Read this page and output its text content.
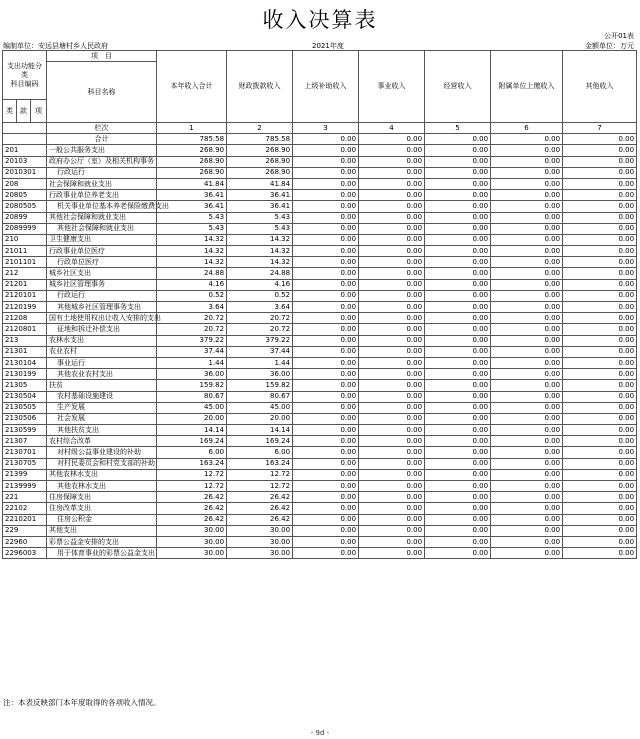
收入决算表
公开01表
编制单位：安远县塘村乡人民政府	2021年度	金额单位：万元
支出功能分类
科目编码			项　目	本年收入合计	财政拨款收入	上级补助收入	事业收入	经营收入	附属单位上缴收入	其他收入
			科目名称							
类	款	项								
			栏次	1	2	3	4	5	6	7
			合计	785.58	785.58	0.00	0.00	0.00	0.00	0.00
201			一般公共服务支出	268.90	268.90	0.00	0.00	0.00	0.00	0.00
20103			政府办公厅（室）及相关机构事务	268.90	268.90	0.00	0.00	0.00	0.00	0.00
2010301			行政运行	268.90	268.90	0.00	0.00	0.00	0.00	0.00
208			社会保障和就业支出	41.84	41.84	0.00	0.00	0.00	0.00	0.00
20805			行政事业单位养老支出	36.41	36.41	0.00	0.00	0.00	0.00	0.00
2080505			机关事业单位基本养老保险缴费支出	36.41	36.41	0.00	0.00	0.00	0.00	0.00
20899			其他社会保障和就业支出	5.43	5.43	0.00	0.00	0.00	0.00	0.00
2089999			其他社会保障和就业支出	5.43	5.43	0.00	0.00	0.00	0.00	0.00
210			卫生健康支出	14.32	14.32	0.00	0.00	0.00	0.00	0.00
21011			行政事业单位医疗	14.32	14.32	0.00	0.00	0.00	0.00	0.00
2101101			行政单位医疗	14.32	14.32	0.00	0.00	0.00	0.00	0.00
212			城乡社区支出	24.88	24.88	0.00	0.00	0.00	0.00	0.00
21201			城乡社区管理事务	4.16	4.16	0.00	0.00	0.00	0.00	0.00
2120101			行政运行	0.52	0.52	0.00	0.00	0.00	0.00	0.00
2120199			其他城乡社区管理事务支出	3.64	3.64	0.00	0.00	0.00	0.00	0.00
21208			国有土地使用权出让收入安排的支出	20.72	20.72	0.00	0.00	0.00	0.00	0.00
2120801			征地和拆迁补偿支出	20.72	20.72	0.00	0.00	0.00	0.00	0.00
213			农林水支出	379.22	379.22	0.00	0.00	0.00	0.00	0.00
21301			农业农村	37.44	37.44	0.00	0.00	0.00	0.00	0.00
2130104			事业运行	1.44	1.44	0.00	0.00	0.00	0.00	0.00
2130199			其他农业农村支出	36.00	36.00	0.00	0.00	0.00	0.00	0.00
21305			扶贫	159.82	159.82	0.00	0.00	0.00	0.00	0.00
2130504			农村基础设施建设	80.67	80.67	0.00	0.00	0.00	0.00	0.00
2130505			生产发展	45.00	45.00	0.00	0.00	0.00	0.00	0.00
2130506			社会发展	20.00	20.00	0.00	0.00	0.00	0.00	0.00
2130599			其他扶贫支出	14.14	14.14	0.00	0.00	0.00	0.00	0.00
21307			农村综合改革	169.24	169.24	0.00	0.00	0.00	0.00	0.00
2130701			对村级公益事业建设的补助	6.00	6.00	0.00	0.00	0.00	0.00	0.00
2130705			对村民委员会和村党支部的补助	163.24	163.24	0.00	0.00	0.00	0.00	0.00
21399			其他农林水支出	12.72	12.72	0.00	0.00	0.00	0.00	0.00
2139999			其他农林水支出	12.72	12.72	0.00	0.00	0.00	0.00	0.00
221			住房保障支出	26.42	26.42	0.00	0.00	0.00	0.00	0.00
22102			住房改革支出	26.42	26.42	0.00	0.00	0.00	0.00	0.00
2210201			住房公积金	26.42	26.42	0.00	0.00	0.00	0.00	0.00
229			其他支出	30.00	30.00	0.00	0.00	0.00	0.00	0.00
22960			彩票公益金安排的支出	30.00	30.00	0.00	0.00	0.00	0.00	0.00
2296003			用于体育事业的彩票公益金支出	30.00	30.00	0.00	0.00	0.00	0.00	0.00
注：本表反映部门本年度取得的各项收入情况。
- 9d -
